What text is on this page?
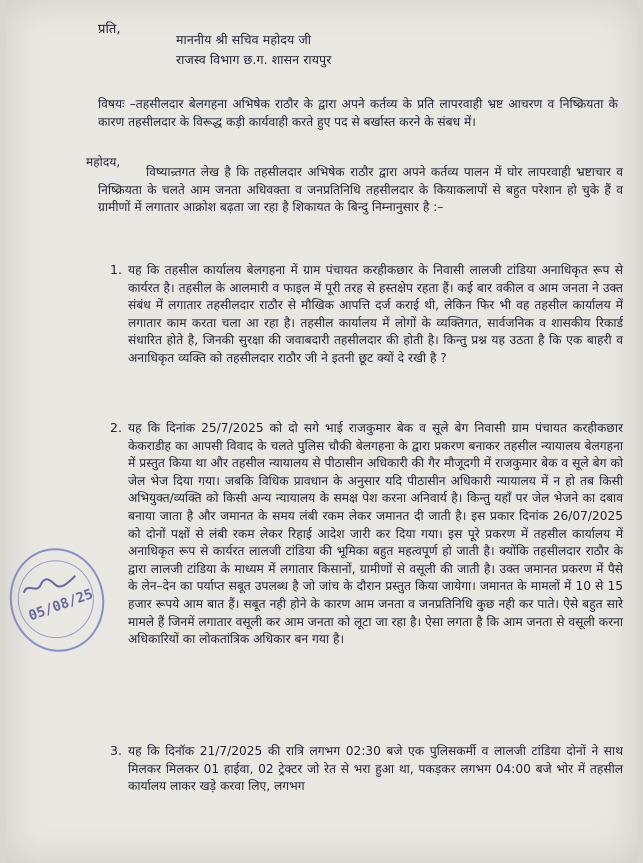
प्रति,
माननीय श्री सचिव महोदय जी
राजस्व विभाग छ.ग. शासन रायपुर
विषयः –तहसीलदार बेलगहना अभिषेक राठौर के द्वारा अपने कर्तव्य के प्रति लापरवाही भ्रष्ट आचरण व निष्क्रियता के कारण तहसीलदार के विरूद्ध कड़ी कार्यवाही करते हुए पद से बर्खास्त करने के संबध में।
महोदय,
विष्यान्र्तगत लेख है कि तहसीलदार अभिषेक राठौर द्वारा अपने कर्तव्य पालन में घोर लापरवाही भ्रष्टाचार व निष्क्रियता के चलते आम जनता अधिवक्ता व जनप्रतिनिधि तहसीलदार के कियाकलापों से बहुत परेशान हो चुके हैं व ग्रामीणों में लगातार आक्रोश बढ़ता जा रहा है शिकायत के बिन्दु निम्नानुसार है :–
1. यह कि तहसील कार्यालय बेलगहना में ग्राम पंचायत करहीकछार के निवासी लालजी टांडिया अनाधिकृत रूप से कार्यरत है। तहसील के आलमारी व फाइल में पूरी तरह से हस्तक्षेप रहता हैं। कई बार वकील व आम जनता ने उक्त संबंध में लगातार तहसीलदार राठौर से मौखिक आपत्ति दर्ज कराई थी, लेकिन फिर भी वह तहसील कार्यालय में लगातार काम करता चला आ रहा है। तहसील कार्यालय में लोगों के व्यक्तिगत, सार्वजनिक व शासकीय रिकार्ड संधारित होते है, जिनकी सुरक्षा की जवाबदारी तहसीलदार की होती है। किन्तु प्रश्न यह उठता है कि एक बाहरी व अनाधिकृत व्यक्ति को तहसीलदार राठौर जी ने इतनी छूट क्यों दे रखी है ?
2. यह कि दिनांक 25/7/2025 को दो सगे भाई राजकुमार बेक व सूले बेग निवासी ग्राम पंचायत करहीकछार केकराडीह का आपसी विवाद के चलते पुलिस चौकी बेलगहना के द्वारा प्रकरण बनाकर तहसील न्यायालय बेलगहना में प्रस्तुत किया था और तहसील न्यायालय से पीठासीन अधिकारी की गैर मौजूदगी में राजकुमार बेक व सूले बेग को जेल भेज दिया गया। जबकि विधिक प्रावधान के अनुसार यदि पीठासीन अधिकारी न्यायालय में न हो तब किसी अभियुक्त/व्यक्ति को किसी अन्य न्यायालय के समक्ष पेश करना अनिवार्य है। किन्तु यहाँ पर जेल भेजने का दबाव बनाया जाता है और जमानत के समय लंबी रकम लेकर जमानत दी जाती है। इस प्रकार दिनांक 26/07/2025 को दोनों पक्षों से लंबी रकम लेकर रिहाई आदेश जारी कर दिया गया। इस पूरे प्रकरण में तहसील कार्यालय में अनाधिकृत रूप से कार्यरत लालजी टांडिया की भूमिका बहुत महत्वपूर्ण हो जाती है। क्योंकि तहसीलदार राठौर के द्वारा लालजी टांडिया के माध्यम में लगातार किसानों, ग्रामीणों से वसूली की जाती है। उक्त जमानत प्रकरण में पैसे के लेन–देन का पर्याप्त सबूत उपलब्ध है जो जांच के दौरान प्रस्तुत किया जायेगा। जमानत के मामलों में 10 से 15 हजार रूपये आम बात हैं। सबूत नही होने के कारण आम जनता व जनप्रतिनिधि कुछ नही कर पाते। ऐसे बहुत सारे मामले हैं जिनमें लगातार वसूली कर आम जनता को लूटा जा रहा है। ऐसा लगता है कि आम जनता से वसूली करना अधिकारियों का लोकतांत्रिक अधिकार बन गया है।
3. यह कि दिनॉक 21/7/2025 की रात्रि लगभग 02:30 बजे एक पुलिसकर्मी व लालजी टांडिया दोनों ने साथ मिलकर मिलकर 01 हाईवा, 02 ट्रेक्टर जो रेत से भरा हुआ था, पकड़कर लगभग 04:00 बजे भोर में तहसील कार्यालय लाकर खड़े करवा लिए, लगभग
05/08/25
